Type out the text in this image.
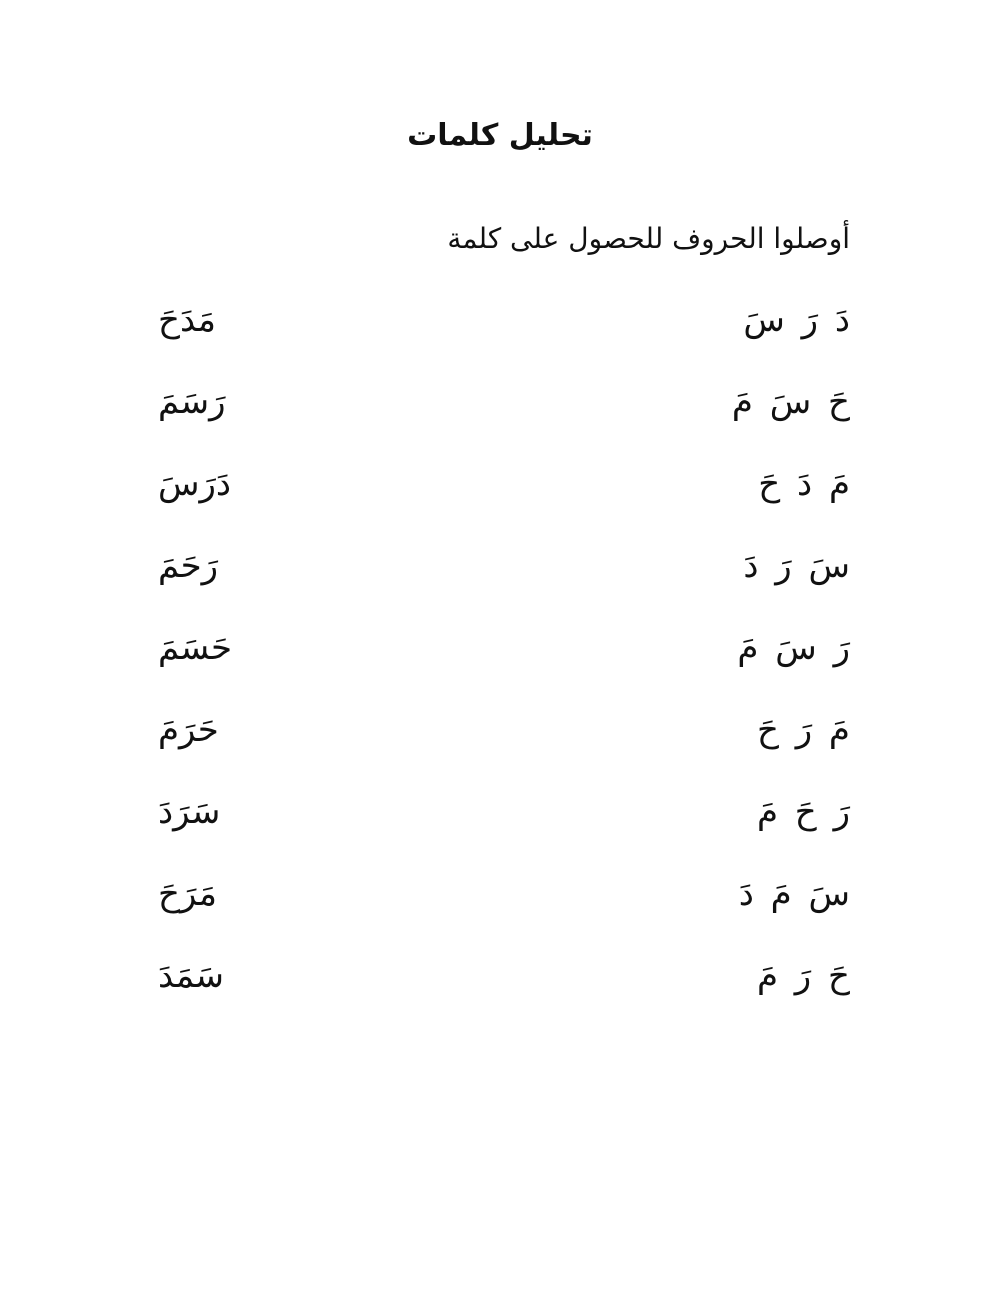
تحليل كلمات
أوصلوا الحروف للحصول على كلمة
دَ رَ سَ
مَدَحَ
حَ سَ مَ
رَسَمَ
مَ دَ حَ
دَرَسَ
سَ رَ دَ
رَحَمَ
رَ سَ مَ
حَسَمَ
مَ رَ حَ
حَرَمَ
رَ حَ مَ
سَرَدَ
سَ مَ دَ
مَرَحَ
حَ رَ مَ
سَمَدَ
